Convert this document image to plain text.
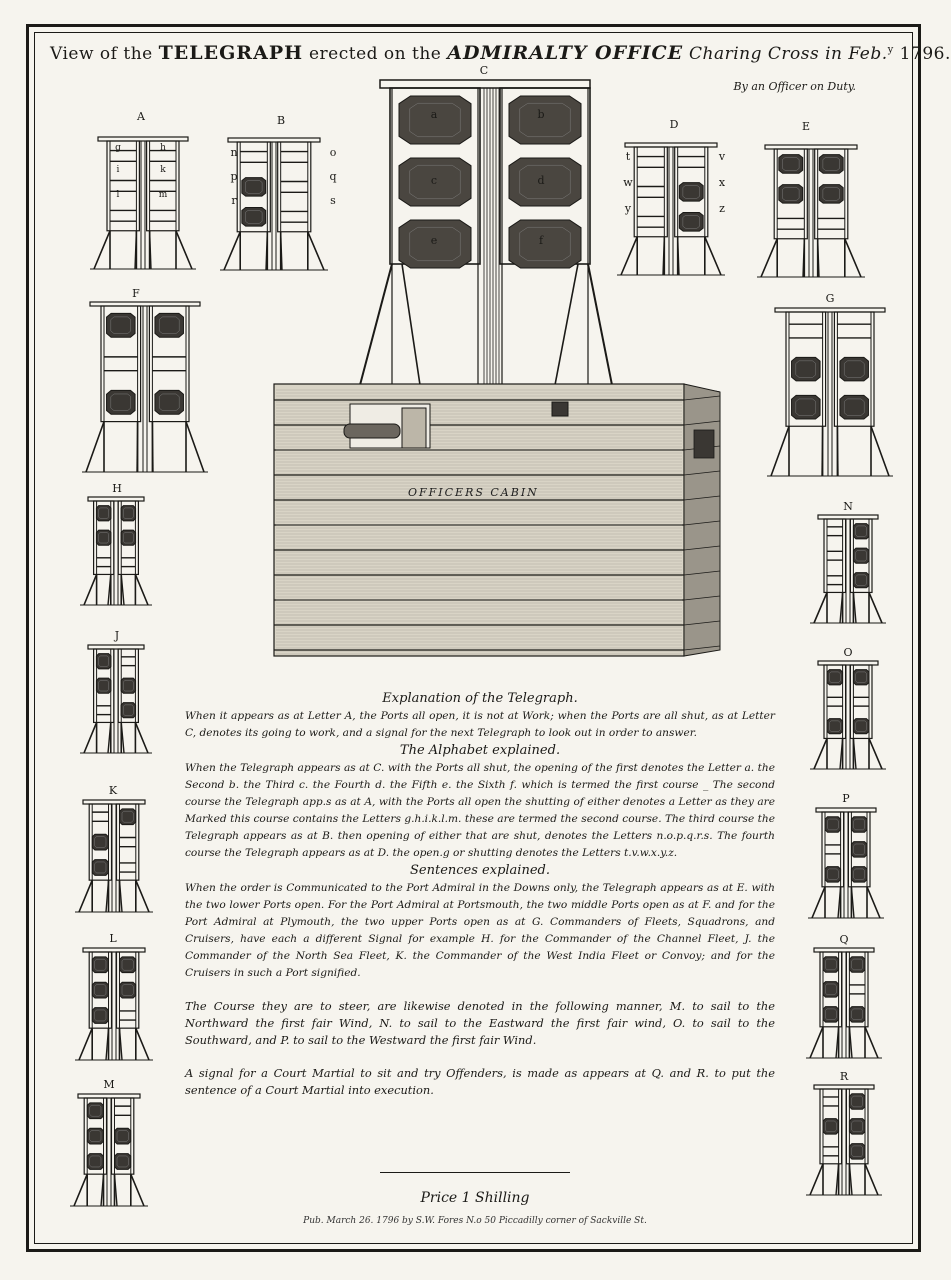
View of the TELEGRAPH erected on the ADMIRALTY OFFICE Charing Cross in Feb.$^y$ 1796.
By an Officer on Duty.
OFFICERS CABIN
A	B
C
D	E
F	G
H
J
K
L
M
N
O
P
Q
R
g	h
i	k
l	m
n	o
p	q
r	s
a	b
c	d
e	f
t	v
w	x
y	z
Explanation of the Telegraph.

When it appears as at Letter A, the Ports all open, it is not at Work; when the Ports are all shut, as at Letter C, denotes its going to work, and a signal for the next Telegraph to look out in order to answer.

The Alphabet explained.

When the Telegraph appears as at C. with the Ports all shut, the opening of the first denotes the Letter a. the Second b. the Third c. the Fourth d. the Fifth e. the Sixth f. which is termed the first course _ The second course the Telegraph app.s as at A, with the Ports all open the shutting of either denotes a Letter as they are Marked this course contains the Letters g.h.i.k.l.m. these are termed the second course. The third course the Telegraph appears as at B. then opening of either that are shut, denotes the Letters n.o.p.q.r.s. The fourth course the Telegraph appears as at D. the open.g or shutting denotes the Letters t.v.w.x.y.z.

Sentences explained.

When the order is Communicated to the Port Admiral in the Downs only, the Telegraph appears as at E. with the two lower Ports open. For the Port Admiral at Portsmouth, the two middle Ports open as at F. and for the Port Admiral at Plymouth, the two upper Ports open as at G. Commanders of Fleets, Squadrons, and Cruisers, have each a different Signal for example H. for the Commander of the Channel Fleet, J. the Commander of the North Sea Fleet, K. the Commander of the West India Fleet or Convoy; and for the Cruisers in such a Port signified.

The Course they are to steer, are likewise denoted in the following manner, M. to sail to the Northward the first fair Wind, N. to sail to the Eastward the first fair wind, O. to sail to the Southward, and P. to sail to the Westward the first fair Wind.

A signal for a Court Martial to sit and try Offenders, is made as appears at Q. and R. to put the sentence of a Court Martial into execution.

Price 1 Shilling
Pub. March 26. 1796 by S.W. Fores N.o 50 Piccadilly corner of Sackville St.
